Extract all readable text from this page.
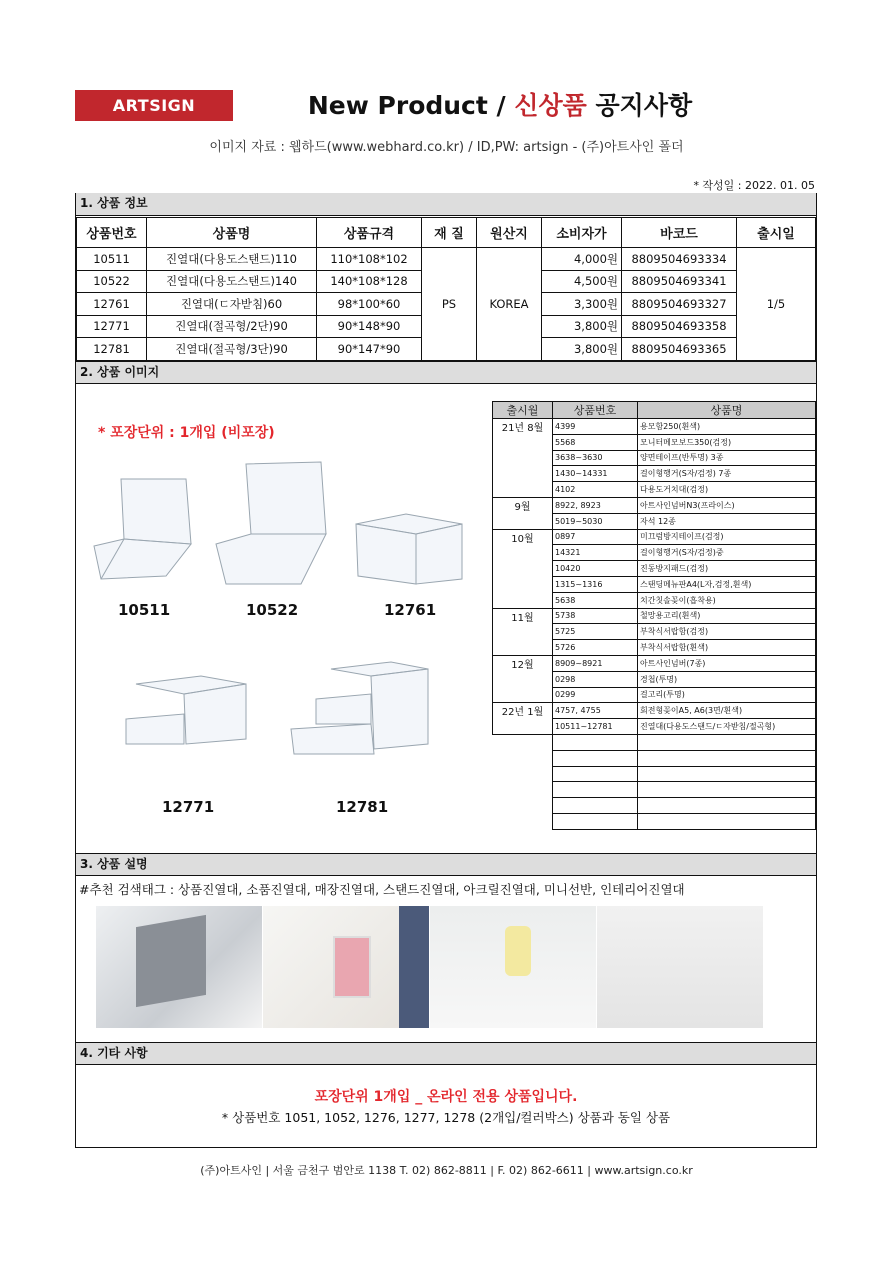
ARTSIGN	New Product / 신상품 공지사항
이미지 자료 : 웹하드(www.webhard.co.kr) / ID,PW: artsign - (주)아트사인 폴더
* 작성일 : 2022. 01. 05
1. 상품 정보
상품번호	상품명	상품규격	재 질	원산지	소비자가	바코드	출시일
10511	진열대(다용도스탠드)110	110*108*102	PS	KOREA	4,000원	8809504693334	1/5
10522	진열대(다용도스탠드)140	140*108*128			4,500원	8809504693341	
12761	진열대(ㄷ자받침)60	98*100*60			3,300원	8809504693327	
12771	진열대(절곡형/2단)90	90*148*90			3,800원	8809504693358	
12781	진열대(절곡형/3단)90	90*147*90			3,800원	8809504693365	
2. 상품 이미지
* 포장단위 : 1개입 (비포장)
10511	10522	12761
12771	12781
출시월	상품번호	상품명
21년 8월	4399	용모함250(흰색)
	5568	모니터메모보드350(검정)
	3638~3630	양면테이프(반투명) 3종
	1430~14331	걸이형행거(S자/검정) 7종
	4102	다용도거치대(검정)
9월	8922, 8923	아트사인넘버N3(프라이스)
	5019~5030	자석 12종
10월	0897	미끄럼방지테이프(검정)
	14321	걸이형행거(S자/검정)중
	10420	진동방지패드(검정)
	1315~1316	스탠딩메뉴판A4(L자,검정,흰색)
	5638	치간칫솔꽂이(흡착용)
11월	5738	철망용고리(흰색)
	5725	부착식서랍함(검정)
	5726	부착식서랍함(흰색)
12월	8909~8921	아트사인넘버(7종)
	0298	경첩(투명)
	0299	걸고리(투명)
22년 1월	4757, 4755	회전형꽂이A5, A6(3면/흰색)
	10511~12781	진열대(다용도스탠드/ㄷ자받침/절곡형)

3. 상품 설명
#추천 검색태그 : 상품진열대, 소품진열대, 매장진열대, 스탠드진열대, 아크릴진열대, 미니선반, 인테리어진열대
4. 기타 사항
포장단위 1개입 _ 온라인 전용 상품입니다.
* 상품번호 1051, 1052, 1276, 1277, 1278 (2개입/컬러박스) 상품과 동일 상품
(주)아트사인 | 서울 금천구 범안로 1138 T. 02) 862-8811 | F. 02) 862-6611 | www.artsign.co.kr
